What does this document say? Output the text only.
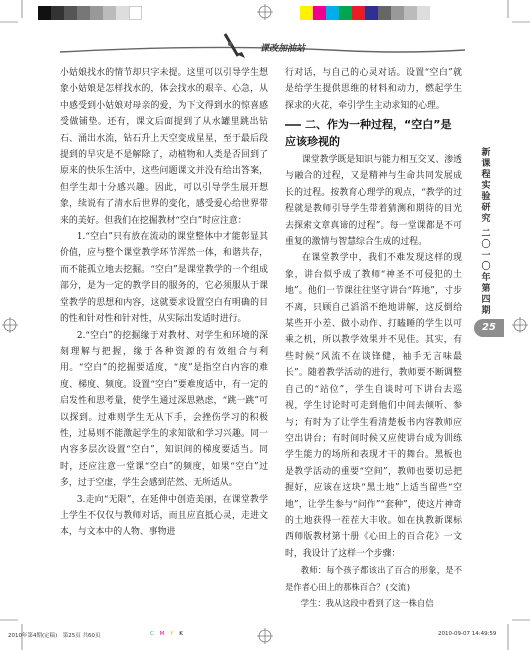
课改加油站

小姑娘找水的情节却只字未提。这里可以引导学生想象小姑娘是怎样找水的，体会找水的艰辛、心急，从中感受到小姑娘对母亲的爱，为下文得到水的惊喜感受做铺垫。还有，课文后面提到了从水罐里跳出钻石、涌出水流，钻石升上天空变成星星，至于最后段提到的早灾是不是解除了，动植物和人类是否回到了原来的快乐生活中，这些问题课文并没有给出答案，但学生却十分感兴趣。因此，可以引导学生展开想象，续说有了清水后世界的变化，感受爱心给世界带来的美好。但我们在挖掘教材“空白”时应注意：

1.“空白”只有放在流动的课堂整体中才能彰显其价值，应与整个课堂教学环节浑然一体，和谐共存，而不能孤立地去挖掘。“空白”是课堂教学的一个组成部分，是为一定的教学目的服务的，它必须服从于课堂教学的思想和内容，这就要求设置空白有明确的目的性和针对性和针对性，从实际出发适时进行。

2.“空白”的挖掘缘于对教材、对学生和环境的深刻理解与把握，缘于各种资源的有效组合与利用。“空白”的挖掘要适度，“度”是指空白内容的难度、梯度、频度。设置“空白”要难度适中，有一定的启发性和思考量，使学生通过深思熟虑，“跳一跳”可以探到。过难则学生无从下手，会挫伤学习的积极性，过易则不能激起学生的求知欲和学习兴趣。同一内容多层次设置“空白”，知识间的梯度要适当。同时，还应注意一堂课“空白”的频度，如果“空白”过多，过于空虚，学生会感到茫然、无所适从。

3.走向“无限”，在延伸中创造美丽，在课堂教学上学生不仅仅与教师对话，而且应直抵心灵，走进文本，与文本中的人物、事物进

行对话，与自己的心灵对话。设置“空白”就是给学生提供思维的材料和动力，燃起学生探求的火花，牵引学生主动求知的心理。

二、作为一种过程，“空白”是应该珍视的

课堂教学既是知识与能力相互交叉、渗透与融合的过程，又是精神与生命共同发展成长的过程。按教育心理学的观点，“教学的过程就是教师引导学生带着猜测和期待的目光去探索文章真谛的过程”。每一堂课都是不可重复的激情与智慧综合生成的过程。

在课堂教学中，我们不难发现这样的现象，讲台似乎成了教师“神圣不可侵犯的土地”。他们一节课往往坚守讲台“阵地”，寸步不离，只顾自己滔滔不绝地讲解，这反倒给某些开小差、做小动作、打瞌睡的学生以可乘之机，所以教学效果并不见佳。其实，有些时候“风流不在谈锋健，袖手无言味最长”。随着教学活动的进行，教师要不断调整自己的“站位”，学生自谈时可下讲台去巡视，学生讨论时可走到他们中间去倾听、参与；有时为了让学生看清楚板书内容教师应空出讲台；有时间时候又应使讲台成为训练学生能力的场所和表现才干的舞台。黑板也是教学活动的重要“空间”，教师也要切忌把握好，应该在这块“黑土地”上适当留些“空地”，让学生参与“问作”“套种”，使这片神奇的土地获得一茬茬大丰收。如在执教新课标西师版教材第十册《心田上的百合花》一文时，我设计了这样一个步骤：

教师：每个孩子都该出了百合的形象，是不是作者心田上的那株百合？(交流)

学生：我从这段中看到了这一株自信

新
课
程
实
验
研
究
二
〇
一
〇
年
第
四
期
25
2010年第4期(定稿)　第25页 共60页	C M Y K	2010-09-07 14:49:59
